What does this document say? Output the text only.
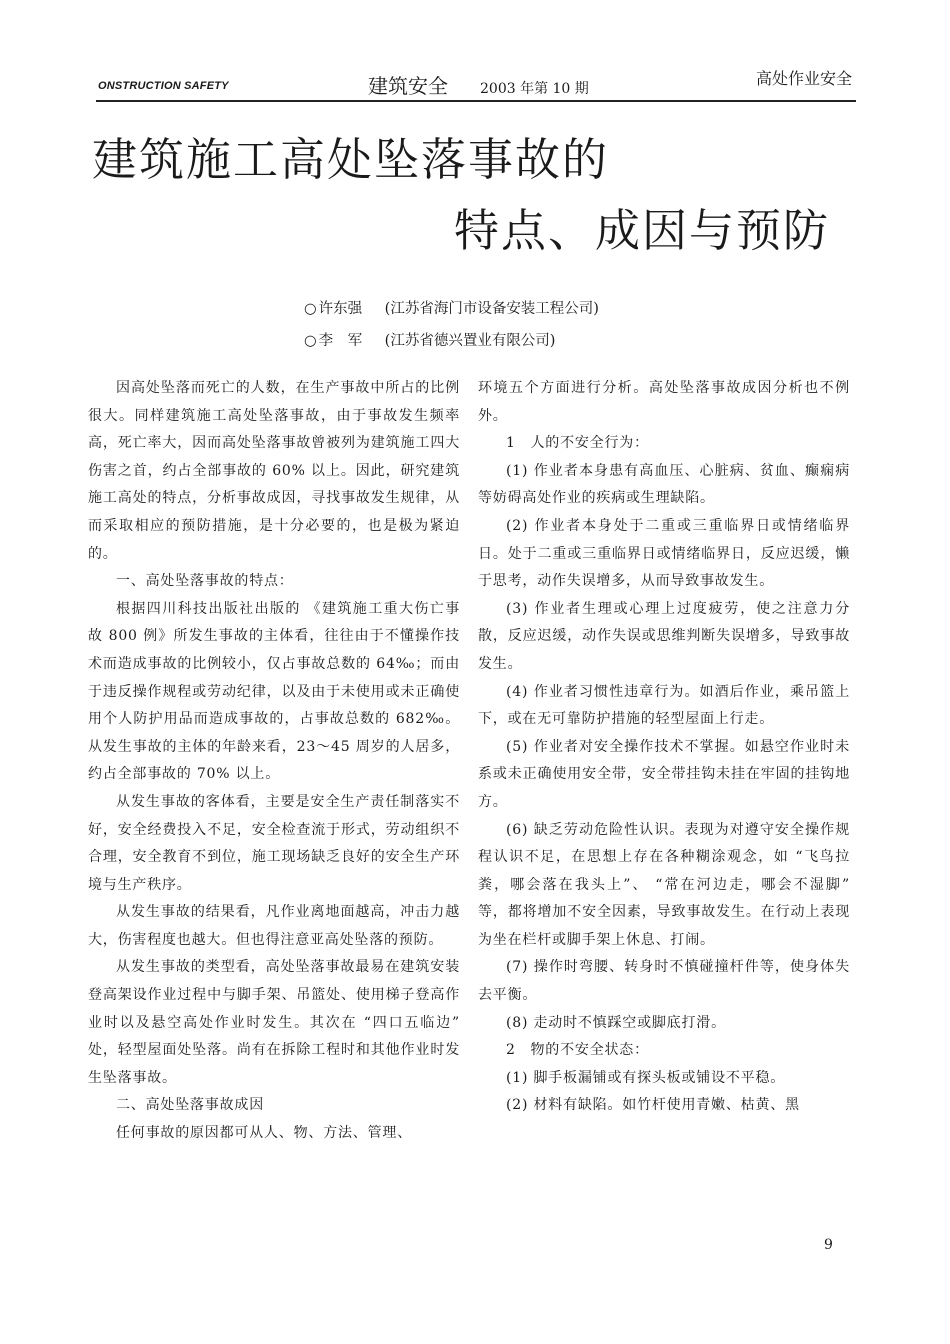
ONSTRUCTION SAFETY	建筑安全 2003 年第 10 期
高处作业安全
建筑施工高处坠落事故的
特点、成因与预防
○ 许东强 (江苏省海门市设备安装工程公司)
○ 李　军 (江苏省德兴置业有限公司)

因高处坠落而死亡的人数，在生产事故中所占的比例很大。同样建筑施工高处坠落事故，由于事故发生频率高，死亡率大，因而高处坠落事故曾被列为建筑施工四大伤害之首，约占全部事故的 60% 以上。因此，研究建筑施工高处的特点，分析事故成因，寻找事故发生规律，从而采取相应的预防措施，是十分必要的，也是极为紧迫的。

一、高处坠落事故的特点：

根据四川科技出版社出版的 《建筑施工重大伤亡事故 800 例》所发生事故的主体看，往往由于不懂操作技术而造成事故的比例较小，仅占事故总数的 64‰；而由于违反操作规程或劳动纪律，以及由于未使用或未正确使用个人防护用品而造成事故的，占事故总数的 682‰。从发生事故的主体的年龄来看，23～45 周岁的人居多，约占全部事故的 70% 以上。

从发生事故的客体看，主要是安全生产责任制落实不好，安全经费投入不足，安全检查流于形式，劳动组织不合理，安全教育不到位，施工现场缺乏良好的安全生产环境与生产秩序。

从发生事故的结果看，凡作业离地面越高，冲击力越大，伤害程度也越大。但也得注意亚高处坠落的预防。

从发生事故的类型看，高处坠落事故最易在建筑安装登高架设作业过程中与脚手架、吊篮处、使用梯子登高作业时以及悬空高处作业时发生。其次在 “四口五临边” 处，轻型屋面处坠落。尚有在拆除工程时和其他作业时发生坠落事故。

二、高处坠落事故成因

任何事故的原因都可从人、物、方法、管理、

环境五个方面进行分析。高处坠落事故成因分析也不例外。

1　人的不安全行为：

(1) 作业者本身患有高血压、心脏病、贫血、癫痫病等妨碍高处作业的疾病或生理缺陷。

(2) 作业者本身处于二重或三重临界日或情绪临界日。处于二重或三重临界日或情绪临界日，反应迟缓，懒于思考，动作失误增多，从而导致事故发生。

(3) 作业者生理或心理上过度疲劳，使之注意力分散，反应迟缓，动作失误或思维判断失误增多，导致事故发生。

(4) 作业者习惯性违章行为。如酒后作业，乘吊篮上下，或在无可靠防护措施的轻型屋面上行走。

(5) 作业者对安全操作技术不掌握。如悬空作业时未系或未正确使用安全带，安全带挂钩未挂在牢固的挂钩地方。

(6) 缺乏劳动危险性认识。表现为对遵守安全操作规程认识不足，在思想上存在各种糊涂观念，如 “飞鸟拉粪，哪会落在我头上”、 “常在河边走，哪会不湿脚” 等，都将增加不安全因素，导致事故发生。在行动上表现为坐在栏杆或脚手架上休息、打闹。

(7) 操作时弯腰、转身时不慎碰撞杆件等，使身体失去平衡。

(8) 走动时不慎踩空或脚底打滑。

2　物的不安全状态：

(1) 脚手板漏铺或有探头板或铺设不平稳。

(2) 材料有缺陷。如竹杆使用青嫩、枯黄、黑

9
